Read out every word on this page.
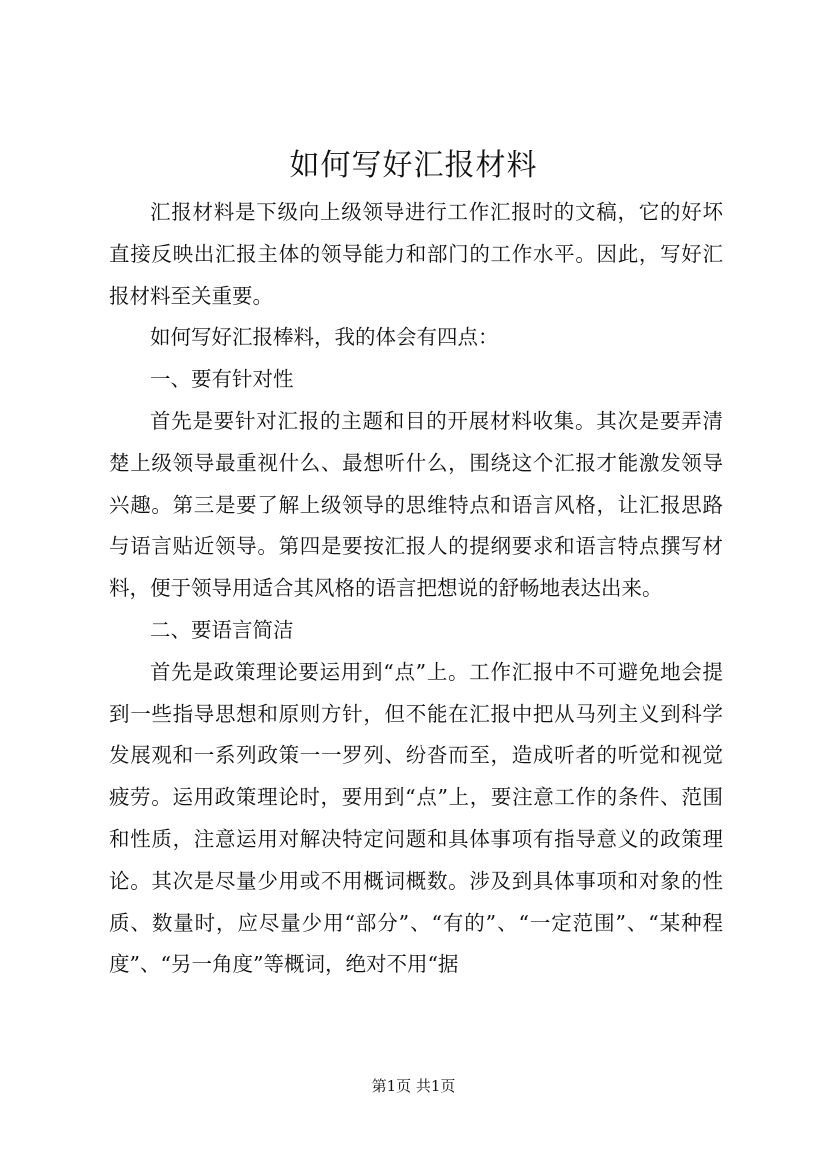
如何写好汇报材料

汇报材料是下级向上级领导进行工作汇报时的文稿，它的好坏直接反映出汇报主体的领导能力和部门的工作水平。因此，写好汇报材料至关重要。

如何写好汇报棒料，我的体会有四点：

一、要有针对性

首先是要针对汇报的主题和目的开展材料收集。其次是要弄清楚上级领导最重视什么、最想听什么，围绕这个汇报才能激发领导兴趣。第三是要了解上级领导的思维特点和语言风格，让汇报思路与语言贴近领导。第四是要按汇报人的提纲要求和语言特点撰写材料，便于领导用适合其风格的语言把想说的舒畅地表达出来。

二、要语言简洁

首先是政策理论要运用到“点”上。工作汇报中不可避免地会提到一些指导思想和原则方针，但不能在汇报中把从马列主义到科学发展观和一系列政策一一罗列、纷沓而至，造成听者的听觉和视觉疲劳。运用政策理论时，要用到“点”上，要注意工作的条件、范围和性质，注意运用对解决特定问题和具体事项有指导意义的政策理论。其次是尽量少用或不用概词概数。涉及到具体事项和对象的性质、数量时，应尽量少用“部分”、“有的”、“一定范围”、“某种程度”、“另一角度”等概词，绝对不用“据

第1页 共1页
